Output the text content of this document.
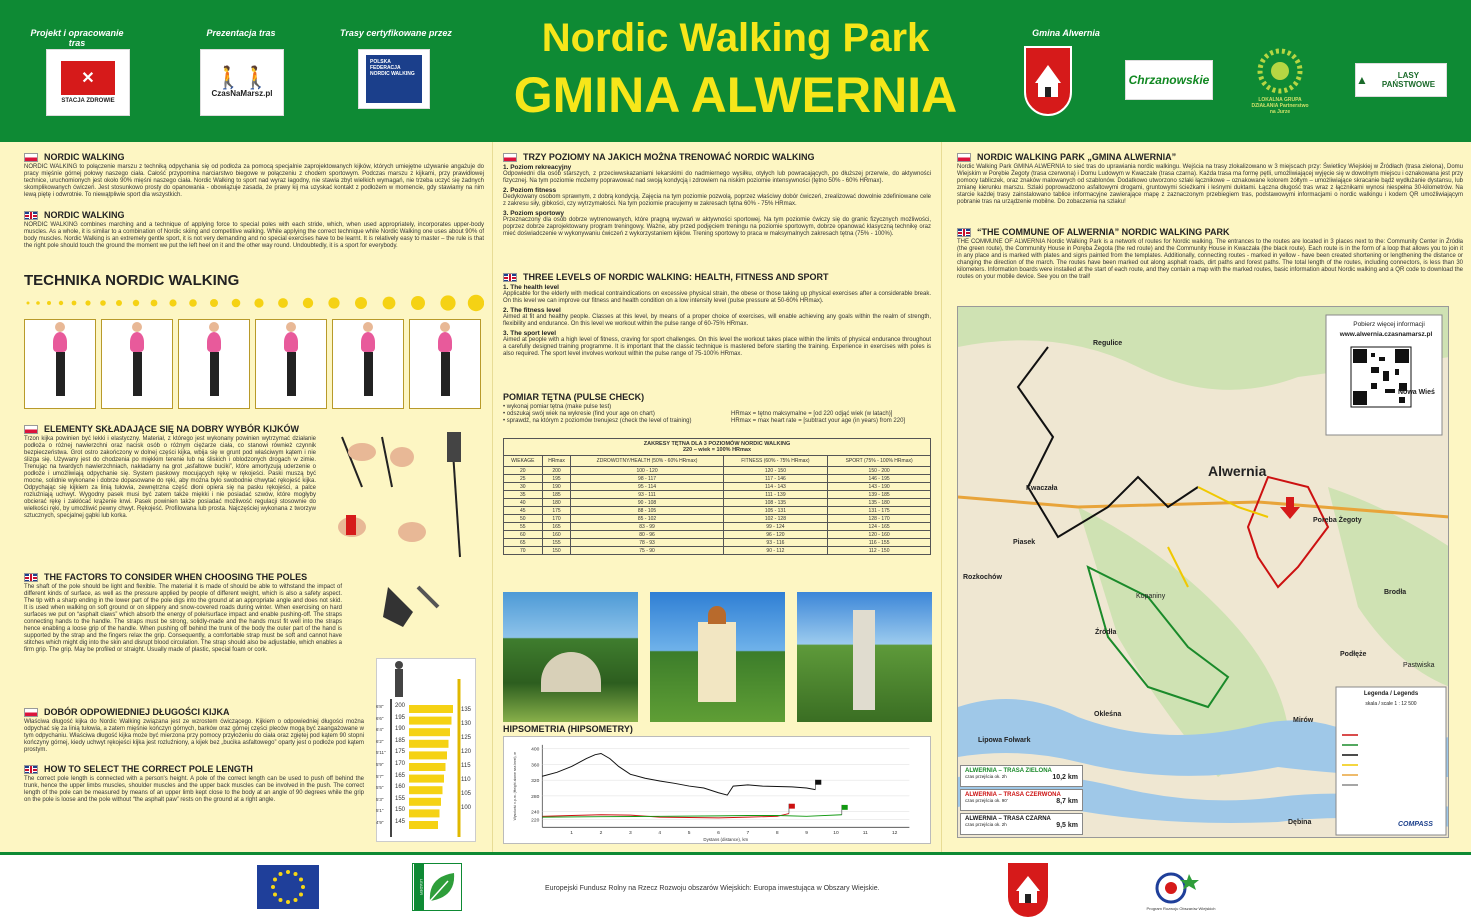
Projekt i opracowanie tras
Prezentacja tras	Trasy certyfikowane przez	Gmina Alwernia
✕
STACJA ZDROWIE
🚶🚶
CzasNaMarsz.pl
POLSKA FEDERACJA NORDIC WALKING
Nordic Walking Park
GMINA ALWERNIA	Chrzanowskie
LOKALNA GRUPA DZIAŁANIA Partnerstwo na Jurze
▲	LASY PAŃSTWOWE
NORDIC WALKING
NORDIC WALKING to połączenie marszu z techniką odpychania się od podłoża za pomocą specjalnie zaprojektowanych kijków, których umiejętne używanie angażuje do pracy mięśnie górnej połowy naszego ciała. Całość przypomina narciarstwo biegowe w połączeniu z chodem sportowym. Podczas marszu z kijkami, przy prawidłowej technice, uruchomionych jest około 90% mięśni naszego ciała. Nordic Walking to sport nad wyraz łagodny, nie stawia zbyt wielkich wymagań, nie trzeba uczyć się żadnych skomplikowanych ćwiczeń. Jest stosunkowo prosty do opanowania - obowiązuje zasada, że prawy kij ma uzyskać kontakt z podłożem w momencie, gdy stawiamy na nim lewą piętę i odwrotnie. To niewątpliwie sport dla wszystkich.
NORDIC WALKING
NORDIC WALKING combines marching and a technique of applying force to special poles with each stride, which, when used appropriately, incorporates upper-body muscles. As a whole, it is similar to a combination of Nordic skiing and competitive walking. While applying the correct technique while Nordic Walking one uses about 90% of body muscles. Nordic Walking is an extremely gentle sport, it is not very demanding and no special exercises have to be learnt. It is relatively easy to master – the rule is that the right pole should touch the ground the moment we put the left heel on it and the other way round. Undoubtedly, it is a sport for everybody.
TECHNIKA NORDIC WALKING
ELEMENTY SKŁADAJĄCE SIĘ NA DOBRY WYBÓR KIJKÓW
Trzon kijka powinien być lekki i elastyczny. Materiał, z którego jest wykonany powinien wytrzymać działanie podłoża o różnej nawierzchni oraz nacisk osób o różnym ciężarze ciała, co stanowi również czynnik bezpieczeństwa. Grot ostro zakończony w dolnej części kijka, wbija się w grunt pod właściwym kątem i nie ślizga się. Używany jest do chodzenia po miękkim terenie lub na śliskich i oblodzonych drogach w zimie. Trenując na twardych nawierzchniach, nakładamy na grot „asfaltowe buciki”, które amortyzują uderzenie o podłoże i umożliwiają odpychanie się. System paskowy mocujących rękę w rękojeści. Paski muszą być mocne, solidnie wykonane i dobrze dopasowane do ręki, aby można było swobodnie chwytać rękojeść kijka. Odpychając się kijkiem za linią tułowia, zewnętrzna część dłoni opiera się na pasku rękojeści, a palce rozluźniają uchwyt. Wygodny pasek musi być zatem także miękki i nie posiadać szwów, które mogłyby obcierać rękę i zakłócać krążenie krwi. Pasek powinien także posiadać możliwość regulacji stosownie do wielkości ręki, by umożliwić pewny chwyt. Rękojeść. Profilowana lub prosta. Najczęściej wykonana z tworzyw sztucznych, specjalnej gąbki lub korka.
THE FACTORS TO CONSIDER WHEN CHOOSING THE POLES
The shaft of the pole should be light and flexible. The material it is made of should be able to withstand the impact of different kinds of surface, as well as the pressure applied by people of different weight, which is also a safety aspect. The tip with a sharp ending in the lower part of the pole digs into the ground at an appropriate angle and does not skid. It is used when walking on soft ground or on slippery and snow-covered roads during winter. When exercising on hard surfaces we put on “asphalt claws” which absorb the energy of pole/surface impact and enable pushing-off. The straps connecting hands to the handle. The straps must be strong, solidly-made and the hands must fit well into the straps hence enabling a loose grip of the handle. When pushing off behind the trunk of the body the outer part of the hand is supported by the strap and the fingers relax the grip. Consequently, a comfortable strap must be soft and cannot have stitches which might dig into the skin and disrupt blood circulation. The strap should also be adjustable, which enables a firm grip. The grip. May be profiled or straight. Usually made of plastic, special foam or cork.
DOBÓR ODPOWIEDNIEJ DŁUGOŚCI KIJKA
Właściwa długość kijka do Nordic Walking związana jest ze wzrostem ćwiczącego. Kijkiem o odpowiedniej długości można odpychać się za linią tułowia, a zatem mięśnie kończyn górnych, barków oraz górnej części pleców mogą być zaangażowane w tym odpychaniu. Właściwa długość kijka może być mierzona przy pomocy przyłożeniu do ciała oraz zgiętej pod kątem 90 stopni kończyny górnej, kiedy uchwyt rękojeści kijka jest rozluźniony, a kijek bez „bucika asfaltowego” oparty jest o podłoże pod kątem prostym.
HOW TO SELECT THE CORRECT POLE LENGTH
The correct pole length is connected with a person's height. A pole of the correct length can be used to push off behind the trunk, hence the upper limbs muscles, shoulder muscles and the upper back muscles can be involved in the push. The correct length of the pole can be measured by means of an upper limb kept close to the body at an angle of 90 degrees while the grip on the pole is loose and the pole without “the asphalt paw” rests on the ground at a right angle.
6'8"
6'6"
6'4"
6'2"
5'11"
5'9"
5'7"
5'5"
5'3"
5'1"
4'9"
200
195
190
185
175
170
165
160
155
150
145
135
130
125
120
115
110
105
100
TRZY POZIOMY NA JAKICH MOŻNA TRENOWAĆ NORDIC WALKING
1. Poziom rekreacyjny
Odpowiedni dla osób starszych, z przeciwwskazaniami lekarskimi do nadmiernego wysiłku, otyłych lub powracających, po dłuższej przerwie, do aktywności fizycznej. Na tym poziomie możemy poprawować nad swoją kondycją i zdrowiem na niskim poziomie intensywności (tętno 50% - 60% HRmax).
2. Poziom fitness
Dedykowany osobom sprawnym, z dobrą kondycją. Zajęcia na tym poziomie pozwolą, poprzez właściwy dobór ćwiczeń, zrealizować dowolnie zdefiniowane cele z zakresu siły, gibkości, czy wytrzymałości. Na tym poziomie pracujemy w zakresach tętna 60% - 75% HRmax.
3. Poziom sportowy
Przeznaczony dla osób dobrze wytrenowanych, które pragną wyzwań w aktywności sportowej. Na tym poziomie ćwiczy się do granic fizycznych możliwości, poprzez dobrze zaprojektowany program treningowy. Ważne, aby przed podjęciem treningu na poziomie sportowym, dobrze opanować klasyczną technikę oraz mieć doświadczenie w wykonywaniu ćwiczeń z wykorzystaniem kijków. Trening sportowy to praca w maksymalnych zakresach tętna (75% - 100%).
THREE LEVELS OF NORDIC WALKING: HEALTH, FITNESS AND SPORT
1. The health level
Applicable for the elderly with medical contraindications on excessive physical strain, the obese or those taking up physical exercises after a considerable break. On this level we can improve our fitness and health condition on a low intensity level (pulse pressure at 50-60% HRmax).
2. The fitness level
Aimed at fit and healthy people. Classes at this level, by means of a proper choice of exercises, will enable achieving any goals within the realm of strength, flexibility and endurance. On this level we workout within the pulse range of 60-75% HRmax.
3. The sport level
Aimed at people with a high level of fitness, craving for sport challenges. On this level the workout takes place within the limits of physical endurance throughout a carefully designed training programme. It is important that the classic technique is mastered before starting the training. Experience in exercises with poles is also required. The sport level involves workout within the pulse range of 75-100% HRmax.
POMIAR TĘTNA (PULSE CHECK)
• wykonaj pomiar tętna (make pulse test)
• odszukaj swój wiek na wykresie (find your age on chart)
• sprawdź, na którym z poziomów trenujesz (check the level of training)
HRmax = tętno maksymalne = [od 220 odjąć wiek (w latach)]
HRmax = max heart rate = [subtract your age (in years) from 220]
ZAKRESY TĘTNA DLA 3 POZIOMÓW NORDIC WALKING
220 – wiek = 100% HRmax				
WIEKAGE	HRmax	ZDROWOTNY/HEALTH (50% - 60% HRmax)	FITNESS (60% - 75% HRmax)	SPORT (75% - 100% HRmax)
20	200	100 - 120	120 - 150	150 - 200
25	195	98 - 117	117 - 146	146 - 195
30	190	95 - 114	114 - 143	143 - 190
35	185	93 - 111	111 - 139	139 - 185
40	180	90 - 108	108 - 135	135 - 180
45	175	88 - 105	105 - 131	131 - 175
50	170	85 - 102	102 - 128	128 - 170
55	165	83 - 99	99 - 124	124 - 165
60	160	80 - 96	96 - 120	120 - 160
65	155	78 - 93	93 - 116	116 - 155
70	150	75 - 90	90 - 112	112 - 150
HIPSOMETRIA (HIPSOMETRY)
400
360
320
280
240
220
1	2	3	4	5	6	7	8	9	10	11	12
Dystans (distance), km
Wysokość n.p.m. (Height above sea level), m
NORDIC WALKING PARK „GMINA ALWERNIA”
Nordic Walking Park GMINA ALWERNIA to sieć tras do uprawiania nordic walkingu. Wejścia na trasy zlokalizowano w 3 miejscach przy: Świetlicy Wiejskiej w Źródłach (trasa zielona), Domu Wiejskim w Porębie Żegoty (trasa czerwona) i Domu Ludowym w Kwaczale (trasa czarna). Każda trasa ma formę pętli, umożliwiającej wyjęcie się w dowolnym miejscu i oznakowana jest przy pomocy tabliczek, oraz znaków malowanych od szablonów. Dodatkowo utworzono szlaki łącznikowe – oznakowane kolorem żółtym – umożliwiające skracanie bądź wydłużanie dystansu, lub zmianę kierunku marszu. Szlaki poprowadzono asfaltowymi drogami, gruntowymi ścieżkami i leśnymi duktami. Łączna długość tras wraz z łącznikami wynosi niespełna 30-kilometrów. Na starcie każdej trasy zainstalowano tablice informacyjne zawierające mapę z zaznaczonym przebiegiem tras, podstawowymi informacjami o nordic walkingu i kodem QR umożliwiającym pobranie tras na urządzenie mobilne. Do zobaczenia na szlaku!
“THE COMMUNE OF ALWERNIA” NORDIC WALKING PARK
THE COMMUNE OF ALWERNIA Nordic Walking Park is a network of routes for Nordic walking. The entrances to the routes are located in 3 places next to the: Community Center in Źródła (the green route), the Community House in Poręba Żegota (the red route) and the Community House in Kwaczała (the black route). Each route is in the form of a loop that allows you to join it in any place and is marked with plates and signs painted from the templates. Additionally, connecting routes - marked in yellow - have been created shortening or lengthening the distance or changing the direction of the march. The routes have been marked out along asphalt roads, dirt paths and forest paths. The total length of the routes, including connectors, is less than 30 kilometers. Information boards were installed at the start of each route, and they contain a map with the marked routes, basic information about Nordic walking and a QR code to download the routes on your mobile device. See you on the trail!
Pobierz więcej informacji
www.alwernia.czasnamarsz.pl
Regulice
Alwernia
Kwaczała
Poręba Żegoty
Rozkochów
Źródła
Brodła
Okleśna
Mirów
Dębina
Podłęże
Nowa Wieś
Piasek
Kopaniny
Lipowa Folwark
Pastwiska
Legenda / Legends
skala / scale 1 : 12 500
COMPASS
ALWERNIA – TRASA ZIELONA
czas przejścia ok. 2h	10,2 km
ALWERNIA – TRASA CZERWONA
czas przejścia ok. 90'	8,7 km
ALWERNIA – TRASA CZARNA
czas przejścia ok. 2h	9,5 km
LEADER	Europejski Fundusz Rolny na Rzecz Rozwoju obszarów Wiejskich: Europa inwestująca w Obszary Wiejskie.
Program Rozwoju Obszarów Wiejskich
